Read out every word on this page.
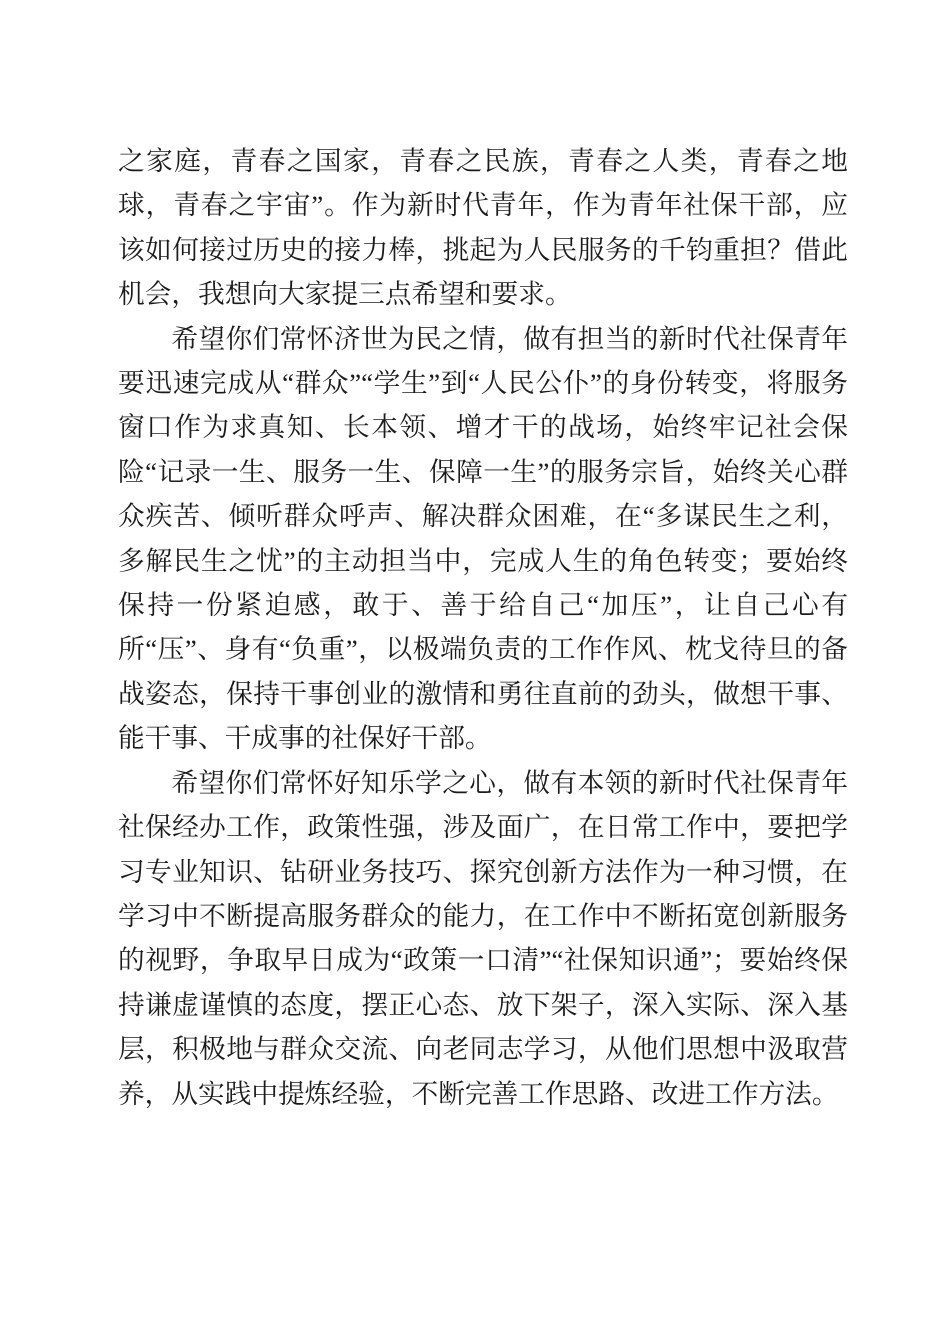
之家庭，青春之国家，青春之民族，青春之人类，青春之地球，青春之宇宙”。作为新时代青年，作为青年社保干部，应该如何接过历史的接力棒，挑起为人民服务的千钧重担？借此机会，我想向大家提三点希望和要求。

希望你们常怀济世为民之情，做有担当的新时代社保青年要迅速完成从“群众”“学生”到“人民公仆”的身份转变，将服务窗口作为求真知、长本领、增才干的战场，始终牢记社会保险“记录一生、服务一生、保障一生”的服务宗旨，始终关心群众疾苦、倾听群众呼声、解决群众困难，在“多谋民生之利，多解民生之忧”的主动担当中，完成人生的角色转变；要始终保持一份紧迫感，敢于、善于给自己“加压”，让自己心有所“压”、身有“负重”，以极端负责的工作作风、枕戈待旦的备战姿态，保持干事创业的激情和勇往直前的劲头，做想干事、能干事、干成事的社保好干部。

希望你们常怀好知乐学之心，做有本领的新时代社保青年社保经办工作，政策性强，涉及面广，在日常工作中，要把学习专业知识、钻研业务技巧、探究创新方法作为一种习惯，在学习中不断提高服务群众的能力，在工作中不断拓宽创新服务的视野，争取早日成为“政策一口清”“社保知识通”；要始终保持谦虚谨慎的态度，摆正心态、放下架子，深入实际、深入基层，积极地与群众交流、向老同志学习，从他们思想中汲取营养，从实践中提炼经验，不断完善工作思路、改进工作方法。
